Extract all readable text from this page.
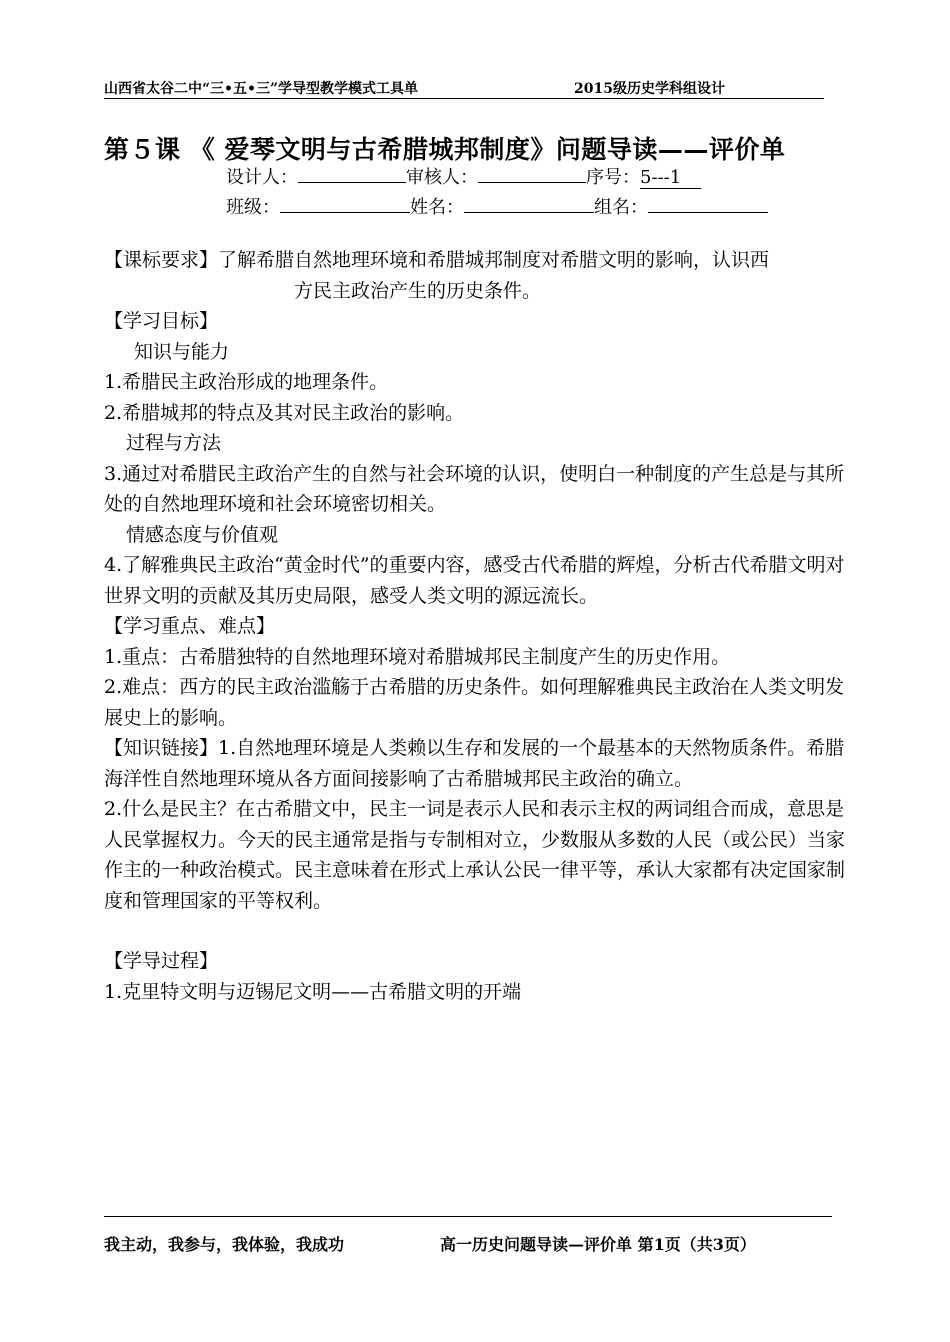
山西省太谷二中“三•五•三”学导型教学模式工具单	2015级历史学科组设计
第５课 《 爱琴文明与古希腊城邦制度》问题导读——评价单
设计人：	审核人：	序号：5---1
班级：	姓名：	组名：

【课标要求】了解希腊自然地理环境和希腊城邦制度对希腊文明的影响，认识西

方民主政治产生的历史条件。

【学习目标】

知识与能力

1.希腊民主政治形成的地理条件。

2.希腊城邦的特点及其对民主政治的影响。

过程与方法

3.通过对希腊民主政治产生的自然与社会环境的认识，使明白一种制度的产生总是与其所处的自然地理环境和社会环境密切相关。

情感态度与价值观

4.了解雅典民主政治“黄金时代”的重要内容，感受古代希腊的辉煌，分析古代希腊文明对世界文明的贡献及其历史局限，感受人类文明的源远流长。

【学习重点、难点】

1.重点：古希腊独特的自然地理环境对希腊城邦民主制度产生的历史作用。

2.难点：西方的民主政治滥觞于古希腊的历史条件。如何理解雅典民主政治在人类文明发展史上的影响。

【知识链接】1.自然地理环境是人类赖以生存和发展的一个最基本的天然物质条件。希腊海洋性自然地理环境从各方面间接影响了古希腊城邦民主政治的确立。

2.什么是民主？在古希腊文中，民主一词是表示人民和表示主权的两词组合而成，意思是人民掌握权力。今天的民主通常是指与专制相对立，少数服从多数的人民（或公民）当家作主的一种政治模式。民主意味着在形式上承认公民一律平等，承认大家都有决定国家制度和管理国家的平等权利。

【学导过程】

1.克里特文明与迈锡尼文明——古希腊文明的开端

我主动，我参与，我体验，我成功	高一历史问题导读—评价单 第1页（共3页）
